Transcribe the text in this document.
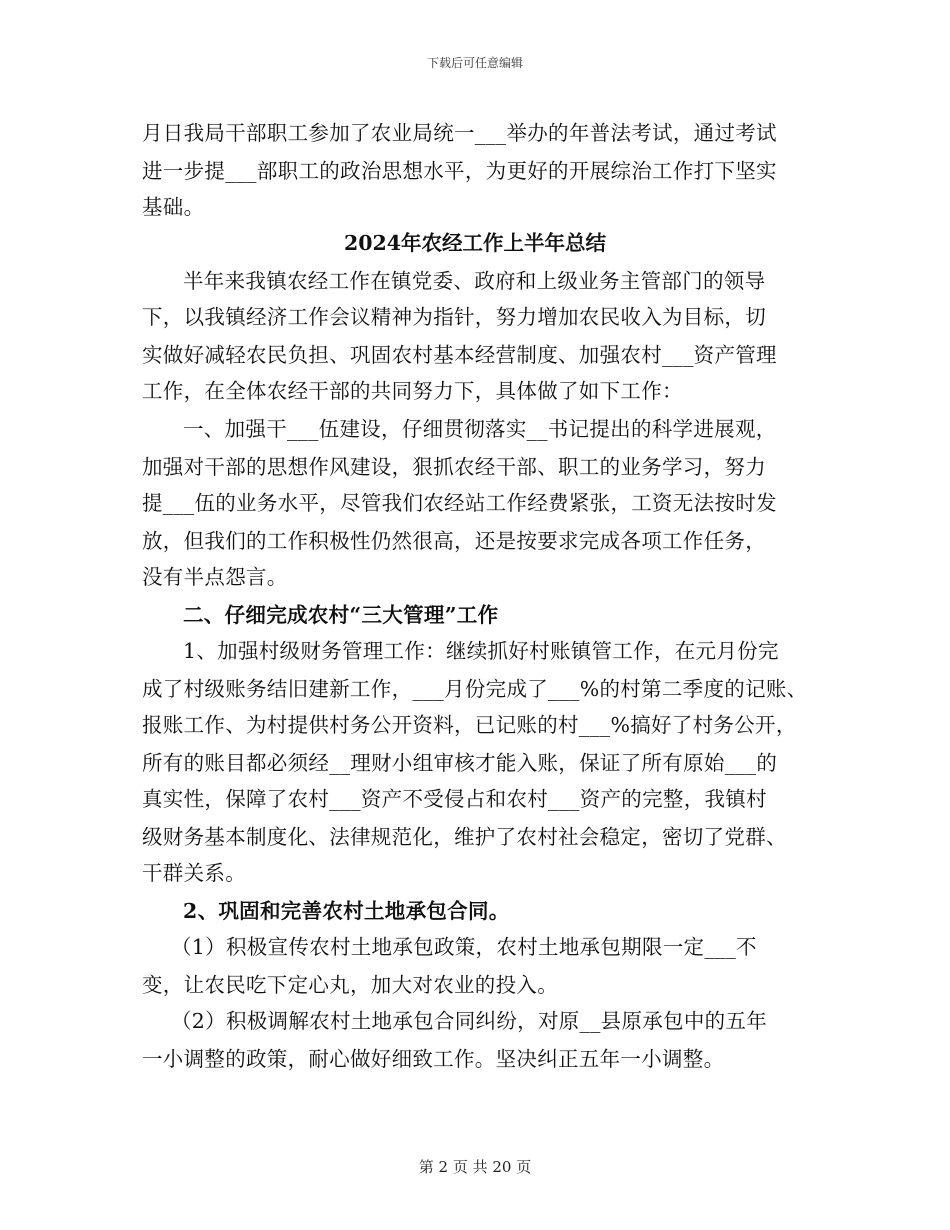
下载后可任意编辑
月日我局干部职工参加了农业局统一___举办的年普法考试，通过考试
进一步提___部职工的政治思想水平，为更好的开展综治工作打下坚实
基础。
2024年农经工作上半年总结
半年来我镇农经工作在镇党委、政府和上级业务主管部门的领导
下，以我镇经济工作会议精神为指针，努力增加农民收入为目标，切
实做好减轻农民负担、巩固农村基本经营制度、加强农村___资产管理
工作，在全体农经干部的共同努力下，具体做了如下工作：
一、加强干___伍建设，仔细贯彻落实__书记提出的科学进展观，
加强对干部的思想作风建设，狠抓农经干部、职工的业务学习，努力
提___伍的业务水平，尽管我们农经站工作经费紧张，工资无法按时发
放，但我们的工作积极性仍然很高，还是按要求完成各项工作任务，
没有半点怨言。
二、仔细完成农村“三大管理”工作
1、加强村级财务管理工作：继续抓好村账镇管工作，在元月份完
成了村级账务结旧建新工作，___月份完成了___%的村第二季度的记账、
报账工作、为村提供村务公开资料，已记账的村___%搞好了村务公开，
所有的账目都必须经__理财小组审核才能入账，保证了所有原始___的
真实性，保障了农村___资产不受侵占和农村___资产的完整，我镇村
级财务基本制度化、法律规范化，维护了农村社会稳定，密切了党群、
干群关系。
2、巩固和完善农村土地承包合同。
（1）积极宣传农村土地承包政策，农村土地承包期限一定___不
变，让农民吃下定心丸，加大对农业的投入。
（2）积极调解农村土地承包合同纠纷，对原__县原承包中的五年
一小调整的政策，耐心做好细致工作。坚决纠正五年一小调整。
第 2 页 共 20 页
